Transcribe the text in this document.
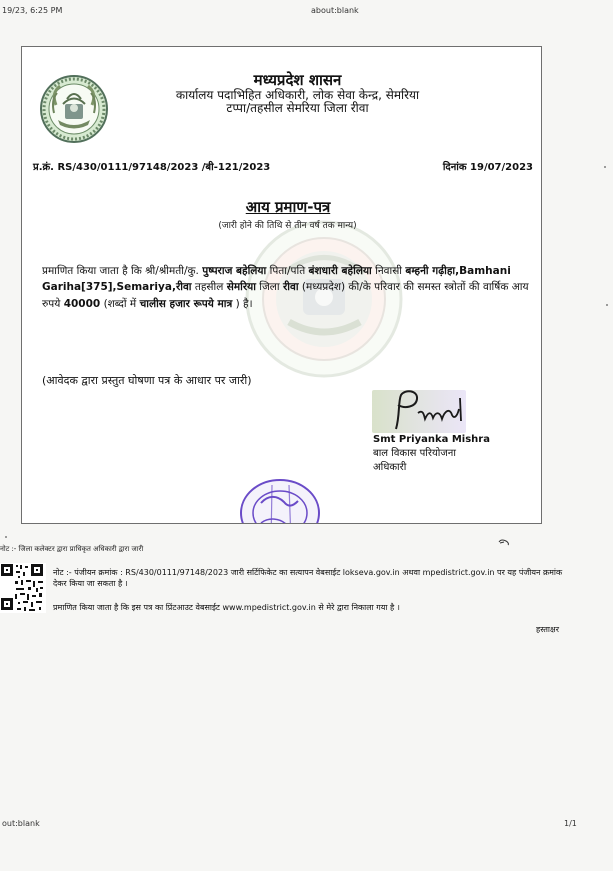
19/23, 6:25 PM	about:blank
मध्यप्रदेश शासन
कार्यालय पदाभिहित अधिकारी, लोक सेवा केन्द्र, सेमरिया
टप्पा/तहसील सेमरिया जिला रीवा
प्र.क्रं. RS/430/0111/97148/2023 /बी-121/2023	दिनांक 19/07/2023
आय प्रमाण-पत्र
(जारी होने की तिथि से तीन वर्ष तक मान्य)
प्रमाणित किया जाता है कि श्री/श्रीमती/कु. पुष्पराज बहेलिया पिता/पति बंशधारी बहेलिया निवासी बम्हनी गढ़ीहा,Bamhani Gariha[375],Semariya,रीवा तहसील सेमरिया जिला रीवा (मध्यप्रदेश) की/के परिवार की समस्त स्त्रोतों की वार्षिक आय रुपये 40000 (शब्दों में चालीस हजार रूपये मात्र ) है।
(आवेदक द्वारा प्रस्तुत घोषणा पत्र के आधार पर जारी)
Smt Priyanka Mishra
बाल विकास परियोजना
अधिकारी
नोट :- जिला कलेक्टर द्वारा प्राधिकृत अधिकारी द्वारा जारी
नोट :- पंजीयन क्रमांक : RS/430/0111/97148/2023 जारी सर्टिफिकेट का सत्यापन वेबसाईट lokseva.gov.in अथवा mpedistrict.gov.in पर यह पंजीयन क्रमांक देकर किया जा सकता है ।
प्रमाणित किया जाता है कि इस पत्र का प्रिंटआउट वेबसाईट www.mpedistrict.gov.in से मेरे द्वारा निकाला गया है ।
हस्ताक्षर
out:blank	1/1
